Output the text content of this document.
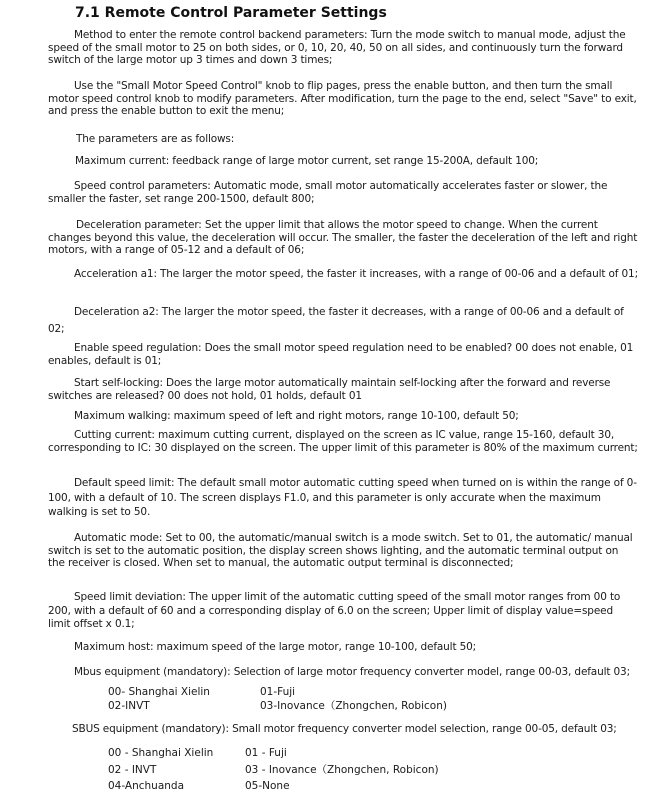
7.1 Remote Control Parameter Settings
Method to enter the remote control backend parameters: Turn the mode switch to manual mode, adjust the speed of the small motor to 25 on both sides, or 0, 10, 20, 40, 50 on all sides, and continuously turn the forward switch of the large motor up 3 times and down 3 times;
Use the "Small Motor Speed Control" knob to flip pages, press the enable button, and then turn the small motor speed control knob to modify parameters. After modification, turn the page to the end, select "Save" to exit, and press the enable button to exit the menu;
The parameters are as follows:
Maximum current: feedback range of large motor current, set range 15-200A, default 100;
Speed control parameters: Automatic mode, small motor automatically accelerates faster or slower, the smaller the faster, set range 200-1500, default 800;
Deceleration parameter: Set the upper limit that allows the motor speed to change. When the current changes beyond this value, the deceleration will occur. The smaller, the faster the deceleration of the left and right motors, with a range of 05-12 and a default of 06;
Acceleration a1: The larger the motor speed, the faster it increases, with a range of 00-06 and a default of 01;
Deceleration a2: The larger the motor speed, the faster it decreases, with a range of 00-06 and a default of 02;
Enable speed regulation: Does the small motor speed regulation need to be enabled? 00 does not enable, 01 enables, default is 01;
Start self-locking: Does the large motor automatically maintain self-locking after the forward and reverse switches are released? 00 does not hold, 01 holds, default 01
Maximum walking: maximum speed of left and right motors, range 10-100, default 50;
Cutting current: maximum cutting current, displayed on the screen as IC value, range 15-160, default 30, corresponding to IC: 30 displayed on the screen. The upper limit of this parameter is 80% of the maximum current;
Default speed limit: The default small motor automatic cutting speed when turned on is within the range of 0-100, with a default of 10. The screen displays F1.0, and this parameter is only accurate when the maximum walking is set to 50.
Automatic mode: Set to 00, the automatic/manual switch is a mode switch. Set to 01, the automatic/ manual switch is set to the automatic position, the display screen shows lighting, and the automatic terminal output on the receiver is closed. When set to manual, the automatic output terminal is disconnected;
Speed limit deviation: The upper limit of the automatic cutting speed of the small motor ranges from 00 to 200, with a default of 60 and a corresponding display of 6.0 on the screen; Upper limit of display value=speed limit offset x 0.1;
Maximum host: maximum speed of the large motor, range 10-100, default 50;
Mbus equipment (mandatory): Selection of large motor frequency converter model, range 00-03, default 03;
00- Shanghai Xielin	01-Fuji
02-INVT	03-Inovance（Zhongchen, Robicon)
SBUS equipment (mandatory): Small motor frequency converter model selection, range 00-05, default 03;
00 - Shanghai Xielin	01 - Fuji
02 - INVT	03 - Inovance（Zhongchen, Robicon)
04-Anchuanda	05-None
